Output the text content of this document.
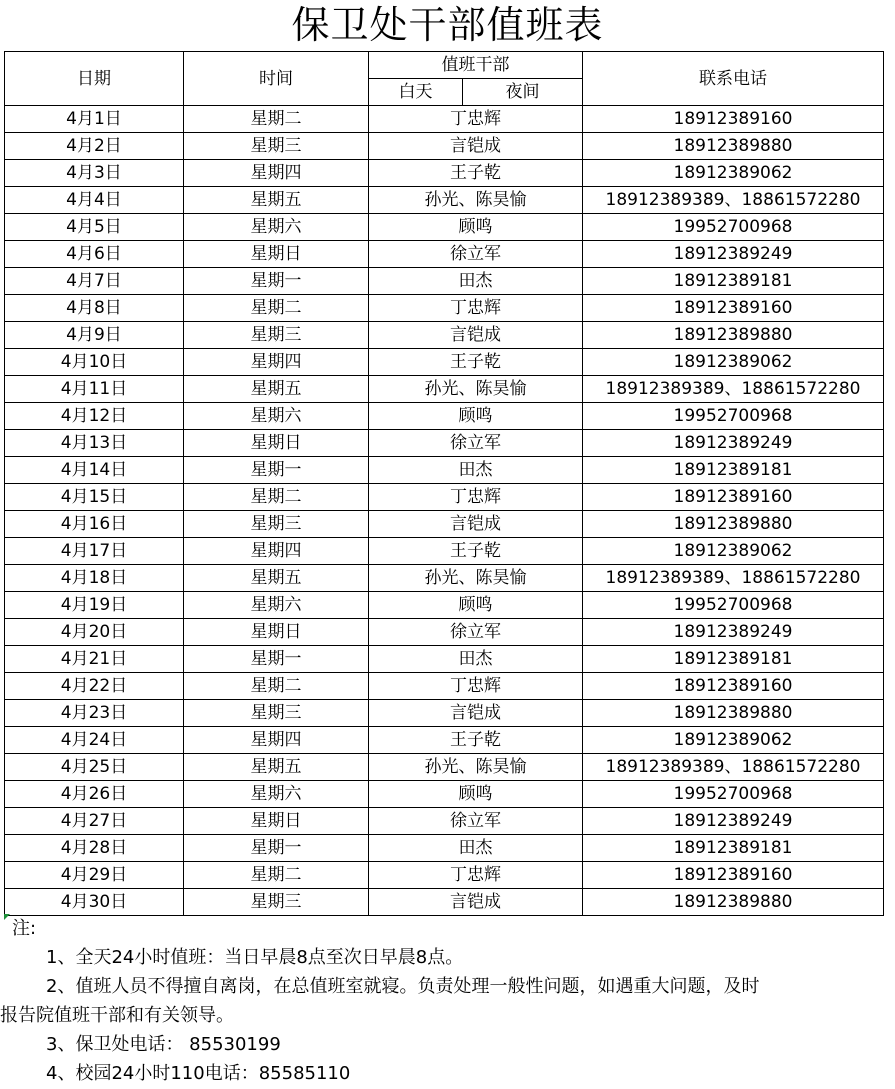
保卫处干部值班表
日期	时间	值班干部		联系电话
		白天	夜间	
4月1日	星期二	丁忠辉		18912389160
4月2日	星期三	言铠成		18912389880
4月3日	星期四	王子乾		18912389062
4月4日	星期五	孙光、陈昊愉		18912389389、18861572280
4月5日	星期六	顾鸣		19952700968
4月6日	星期日	徐立军		18912389249
4月7日	星期一	田杰		18912389181
4月8日	星期二	丁忠辉		18912389160
4月9日	星期三	言铠成		18912389880
4月10日	星期四	王子乾		18912389062
4月11日	星期五	孙光、陈昊愉		18912389389、18861572280
4月12日	星期六	顾鸣		19952700968
4月13日	星期日	徐立军		18912389249
4月14日	星期一	田杰		18912389181
4月15日	星期二	丁忠辉		18912389160
4月16日	星期三	言铠成		18912389880
4月17日	星期四	王子乾		18912389062
4月18日	星期五	孙光、陈昊愉		18912389389、18861572280
4月19日	星期六	顾鸣		19952700968
4月20日	星期日	徐立军		18912389249
4月21日	星期一	田杰		18912389181
4月22日	星期二	丁忠辉		18912389160
4月23日	星期三	言铠成		18912389880
4月24日	星期四	王子乾		18912389062
4月25日	星期五	孙光、陈昊愉		18912389389、18861572280
4月26日	星期六	顾鸣		19952700968
4月27日	星期日	徐立军		18912389249
4月28日	星期一	田杰		18912389181
4月29日	星期二	丁忠辉		18912389160
4月30日	星期三	言铠成		18912389880
注:
1、全天24小时值班：当日早晨8点至次日早晨8点。
2、值班人员不得擅自离岗，在总值班室就寝。负责处理一般性问题，如遇重大问题，及时
报告院值班干部和有关领导。
3、保卫处电话： 85530199
4、校园24小时110电话：85585110
